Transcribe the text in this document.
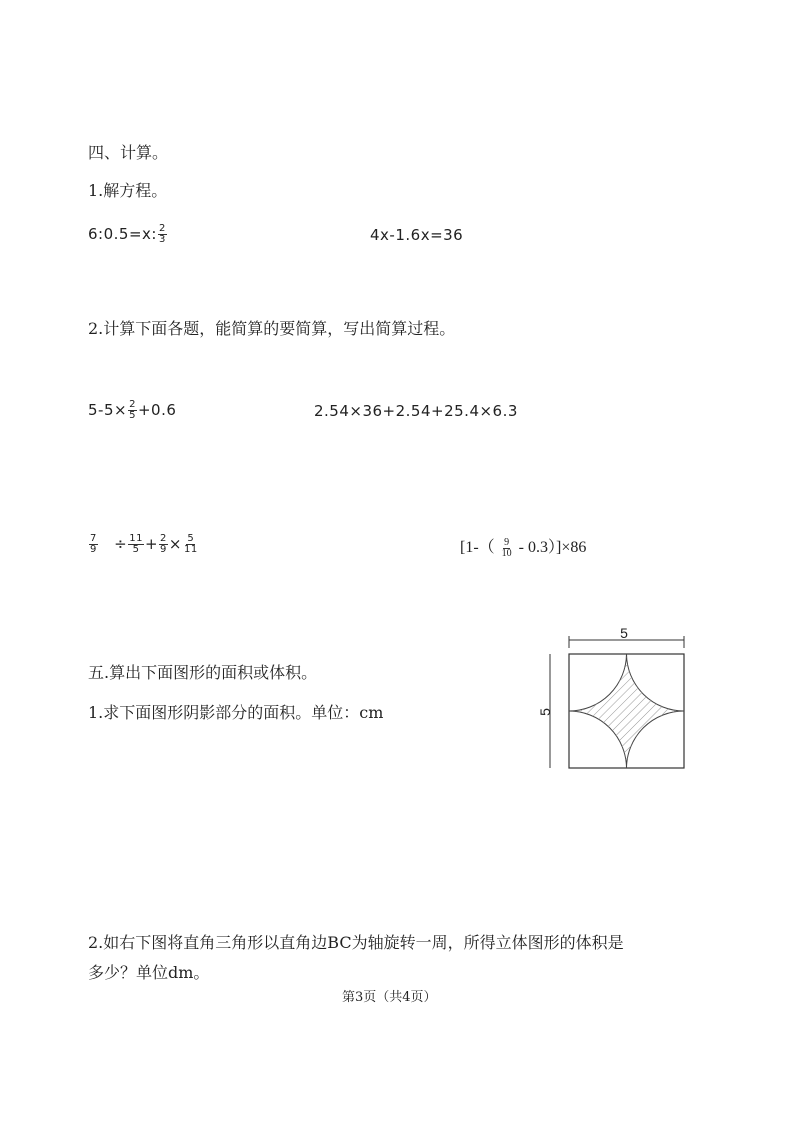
四、计算。
1.解方程。
6:0.5=x: $\frac{2}{3}$	4x-1.6x=36
2.计算下面各题，能简算的要简算，写出简算过程。
$5-5\times \frac{2}{5} +0.6$	2.54×36+2.54+25.4×6.3
$\frac{7}{9} \div \frac{11}{5} + \frac{2}{9} \times \frac{5}{11}$	$[1-( \frac{9}{10} - 0.3)]\times 86$
五.算出下面图形的面积或体积。
1.求下面图形阴影部分的面积。单位：cm
5
5
2.如右下图将直角三角形以直角边BC为轴旋转一周，所得立体图形的体积是
多少？单位dm。
第3页（共4页）
